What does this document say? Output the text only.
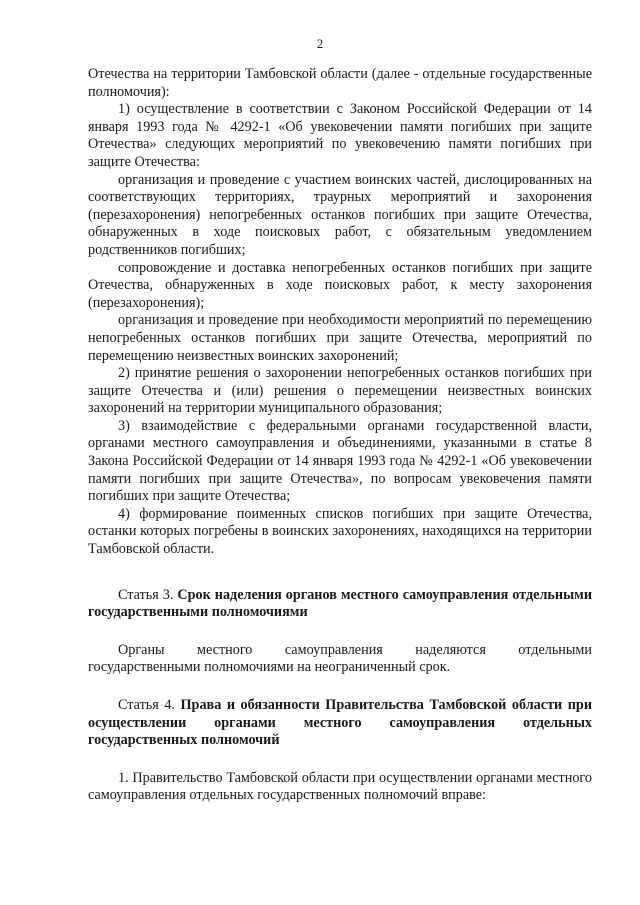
2

Отечества на территории Тамбовской области (далее - отдельные государственные полномочия):

1) осуществление в соответствии с Законом Российской Федерации от 14 января 1993 года № 4292-1 «Об увековечении памяти погибших при защите Отечества» следующих мероприятий по увековечению памяти погибших при защите Отечества:

организация и проведение с участием воинских частей, дислоцированных на соответствующих территориях, траурных мероприятий и захоронения (перезахоронения) непогребенных останков погибших при защите Отечества, обнаруженных в ходе поисковых работ, с обязательным уведомлением родственников погибших;

сопровождение и доставка непогребенных останков погибших при защите Отечества, обнаруженных в ходе поисковых работ, к месту захоронения (перезахоронения);

организация и проведение при необходимости мероприятий по перемещению непогребенных останков погибших при защите Отечества, мероприятий по перемещению неизвестных воинских захоронений;

2) принятие решения о захоронении непогребенных останков погибших при защите Отечества и (или) решения о перемещении неизвестных воинских захоронений на территории муниципального образования;

3) взаимодействие с федеральными органами государственной власти, органами местного самоуправления и объединениями, указанными в статье 8 Закона Российской Федерации от 14 января 1993 года № 4292-1 «Об увековечении памяти погибших при защите Отечества», по вопросам увековечения памяти погибших при защите Отечества;

4) формирование поименных списков погибших при защите Отечества, останки которых погребены в воинских захоронениях, находящихся на территории Тамбовской области.

Статья 3. Срок наделения органов местного самоуправления отдельными государственными полномочиями

Органы местного самоуправления наделяются отдельными государственными полномочиями на неограниченный срок.

Статья 4. Права и обязанности Правительства Тамбовской области при осуществлении органами местного самоуправления отдельных государственных полномочий

1. Правительство Тамбовской области при осуществлении органами местного самоуправления отдельных государственных полномочий вправе:
